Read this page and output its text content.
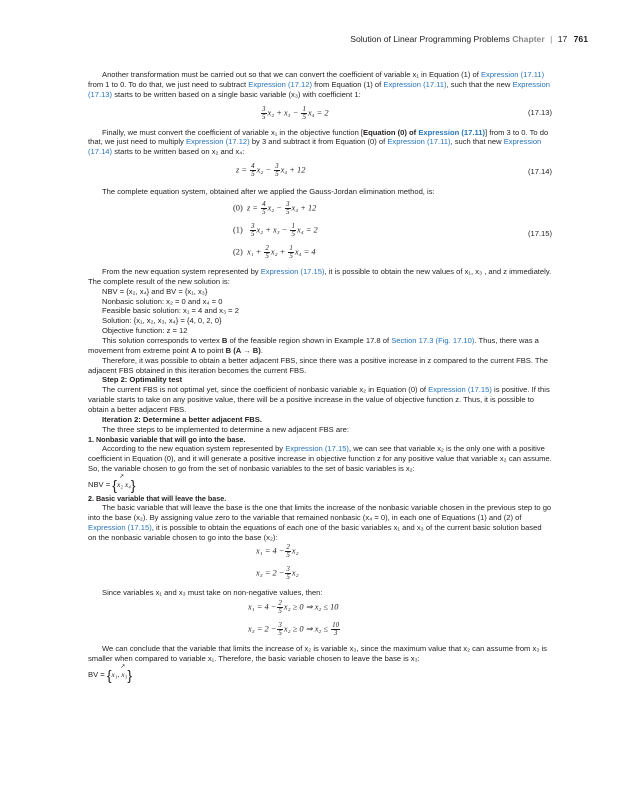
Solution of Linear Programming Problems Chapter | 17 761

Another transformation must be carried out so that we can convert the coefficient of variable x₁ in Equation (1) of Expression (17.11) from 1 to 0. To do that, we just need to subtract Expression (17.12) from Equation (1) of Expression (17.11), such that the new Expression (17.13) starts to be written based on a single basic variable (x₃) with coefficient 1:

$\frac{3}{5} x_2 + x_3 - \frac{1}{5} x_4 = 2$	(17.13)

Finally, we must convert the coefficient of variable x₁ in the objective function [Equation (0) of Expression (17.11)] from 3 to 0. To do that, we just need to multiply Expression (17.12) by 3 and subtract it from Equation (0) of Expression (17.11), such that new Expression (17.14) starts to be written based on x₂ and x₄:

$z = \frac{4}{5} x_2 - \frac{3}{5} x_4 + 12$	(17.14)

The complete equation system, obtained after we applied the Gauss-Jordan elimination method, is:

(0) $z = \frac{4}{5} x_2 - \frac{3}{5} x_4 + 12$
$(1) \frac{3}{5} x_2 + x_3 - \frac{1}{5} x_4 = 2$
(2) $x_1 + \frac{2}{5} x_2 + \frac{1}{5} x_4 = 4$
(17.15)

From the new equation system represented by Expression (17.15), it is possible to obtain the new values of x₁, x₃ , and z immediately. The complete result of the new solution is:

NBV = {x₂, x₄} and BV = {x₁, x₃}

Nonbasic solution: x₂ = 0 and x₄ = 0

Feasible basic solution: x₁ = 4 and x₃ = 2

Solution: {x₁, x₂, x₃, x₄} = {4, 0, 2, 0}

Objective function: z = 12

This solution corresponds to vertex B of the feasible region shown in Example 17.8 of Section 17.3 (Fig. 17.10). Thus, there was a movement from extreme point A to point B (A → B).

Therefore, it was possible to obtain a better adjacent FBS, since there was a positive increase in z compared to the current FBS. The adjacent FBS obtained in this iteration becomes the current FBS.

Step 2: Optimality test

The current FBS is not optimal yet, since the coefficient of nonbasic variable x₂ in Equation (0) of Expression (17.15) is positive. If this variable starts to take on any positive value, there will be a positive increase in the value of objective function z. Thus, it is possible to obtain a better adjacent FBS.

Iteration 2: Determine a better adjacent FBS.

The three steps to be implemented to determine a new adjacent FBS are:

1. Nonbasic variable that will go into the base.

According to the new equation system represented by Expression (17.15), we can see that variable x₂ is the only one with a positive coefficient in Equation (0), and it will generate a positive increase in objective function z for any positive value that variable x₂ can assume. So, the variable chosen to go from the set of nonbasic variables to the set of basic variables is x₂:

NBV = {x₂ x₄
↗ }

2. Basic variable that will leave the base.

The basic variable that will leave the base is the one that limits the increase of the nonbasic variable chosen in the previous step to go into the base (x₂). By assigning value zero to the variable that remained nonbasic (x₄ = 0), in each one of Equations (1) and (2) of Expression (17.15), it is possible to obtain the equations of each one of the basic variables x₁ and x₃ of the current basic solution based on the nonbasic variable chosen to go into the base (x₂):

$x_1 = 4 - \frac{2}{5} x_2$
$x_3 = 2 - \frac{3}{5} x_2$

Since variables x₁ and x₃ must take on non-negative values, then:

$x_1 = 4 - \frac{2}{5} x_2 \ge 0$ ⇒ x₂ ≤ 10
$x_3 = 2 - \frac{3}{5} x_2 \ge 0$ ⇒ $x_2 \le \frac{10}{3}$

We can conclude that the variable that limits the increase of x₂ is variable x₃, since the maximum value that x₂ can assume from x₃ is smaller when compared to variable x₁. Therefore, the basic variable chosen to leave the base is x₃:

BV = {x₁, x₃
↗ }
